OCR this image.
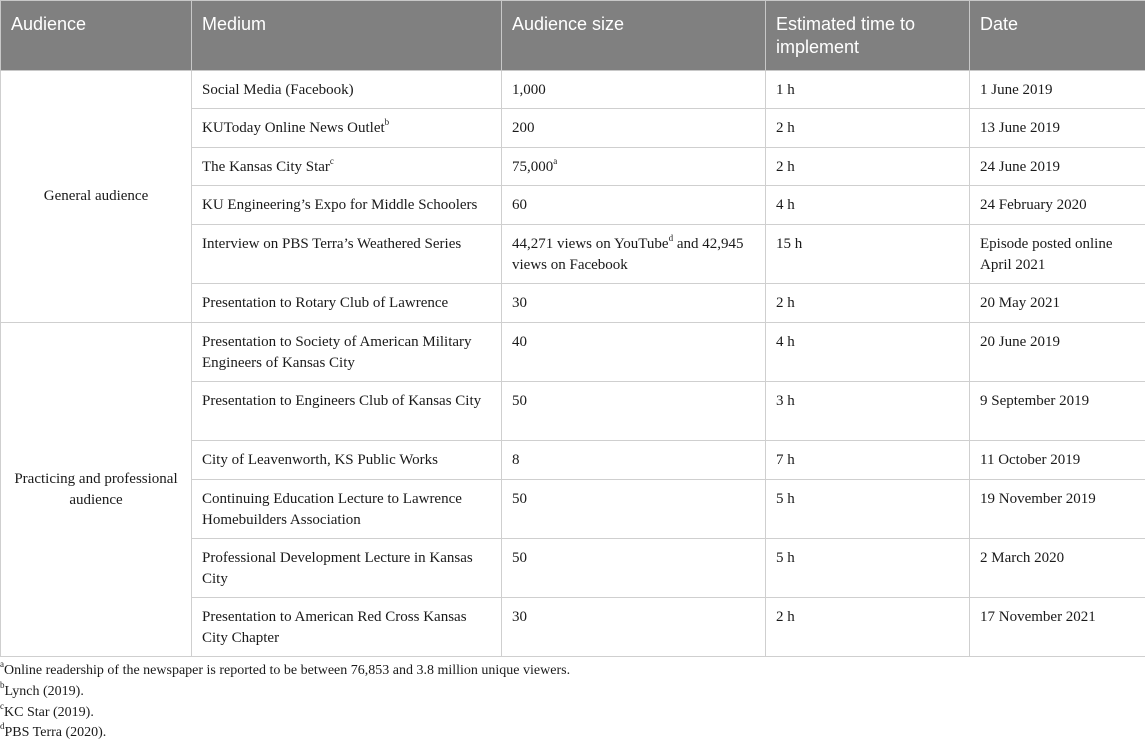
Audience	Medium	Audience size	Estimated time to implement	Date
General audience	Social Media (Facebook)	1,000	1 h	1 June 2019
	KUToday Online News Outlet$^b$	200	2 h	13 June 2019
	The Kansas City Star$^c$	75,000$^a$	2 h	24 June 2019
	KU Engineering’s Expo for Middle Schoolers	60	4 h	24 February 2020
	Interview on PBS Terra’s Weathered Series	44,271 views on YouTube$^d$ and 42,945 views on Facebook	15 h	Episode posted online April 2021
	Presentation to Rotary Club of Lawrence	30	2 h	20 May 2021
Practicing and professional audience	Presentation to Society of American Military Engineers of Kansas City	40	4 h	20 June 2019
	Presentation to Engineers Club of Kansas City	50	3 h	9 September 2019
	City of Leavenworth, KS Public Works	8	7 h	11 October 2019
	Continuing Education Lecture to Lawrence Homebuilders Association	50	5 h	19 November 2019
	Professional Development Lecture in Kansas City	50	5 h	2 March 2020
	Presentation to American Red Cross Kansas City Chapter	30	2 h	17 November 2021
$^a$Online readership of the newspaper is reported to be between 76,853 and 3.8 million unique viewers.
$^b$Lynch (2019).
$^c$KC Star (2019).
$^d$PBS Terra (2020).
